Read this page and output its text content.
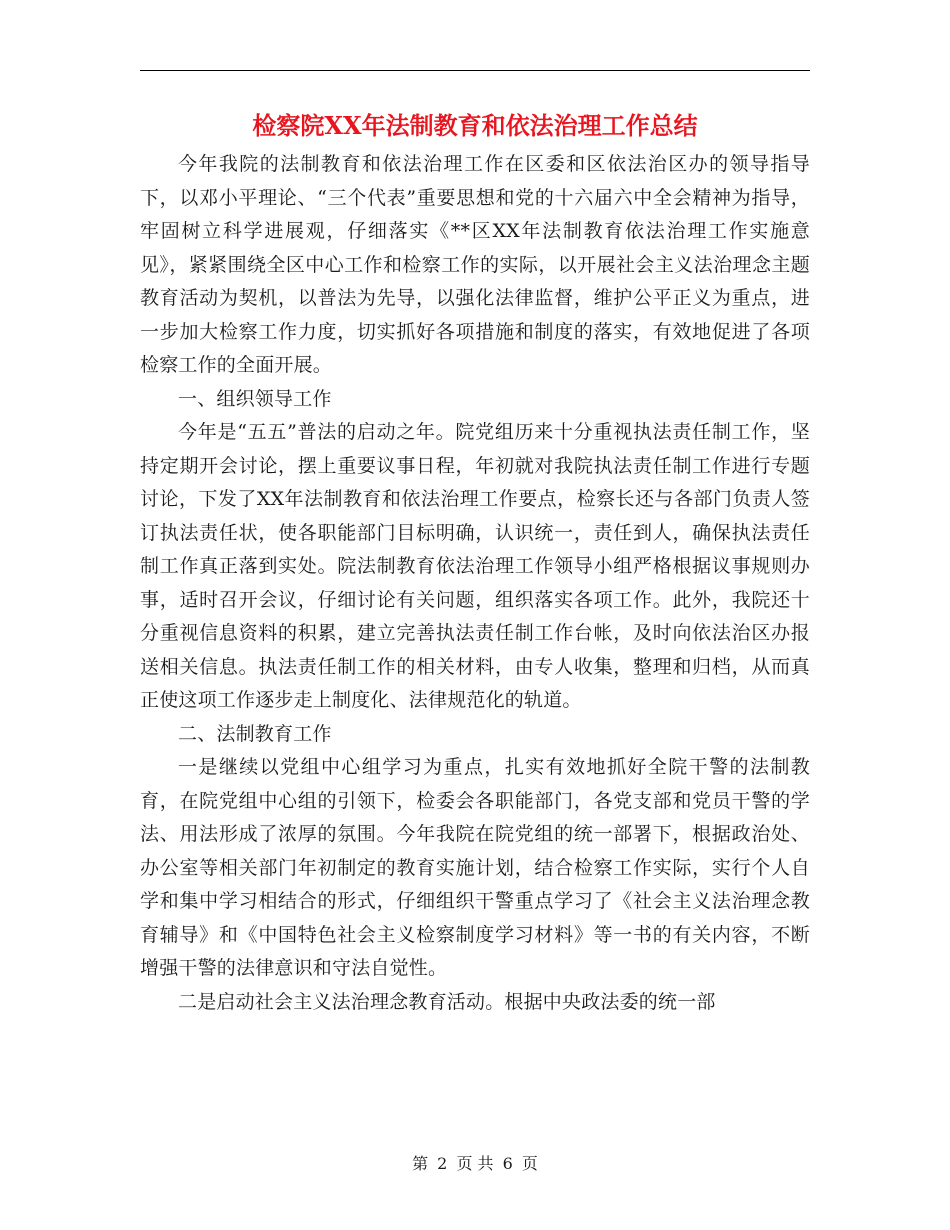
检察院XX年法制教育和依法治理工作总结

今年我院的法制教育和依法治理工作在区委和区依法治区办的领导指导下，以邓小平理论、“三个代表”重要思想和党的十六届六中全会精神为指导，牢固树立科学进展观，仔细落实《**区XX年法制教育依法治理工作实施意见》，紧紧围绕全区中心工作和检察工作的实际，以开展社会主义法治理念主题教育活动为契机，以普法为先导，以强化法律监督，维护公平正义为重点，进一步加大检察工作力度，切实抓好各项措施和制度的落实，有效地促进了各项检察工作的全面开展。

一、组织领导工作

今年是“五五”普法的启动之年。院党组历来十分重视执法责任制工作，坚持定期开会讨论，摆上重要议事日程，年初就对我院执法责任制工作进行专题讨论，下发了XX年法制教育和依法治理工作要点，检察长还与各部门负责人签订执法责任状，使各职能部门目标明确，认识统一，责任到人，确保执法责任制工作真正落到实处。院法制教育依法治理工作领导小组严格根据议事规则办事，适时召开会议，仔细讨论有关问题，组织落实各项工作。此外，我院还十分重视信息资料的积累，建立完善执法责任制工作台帐，及时向依法治区办报送相关信息。执法责任制工作的相关材料，由专人收集，整理和归档，从而真正使这项工作逐步走上制度化、法律规范化的轨道。

二、法制教育工作

一是继续以党组中心组学习为重点，扎实有效地抓好全院干警的法制教育，在院党组中心组的引领下，检委会各职能部门，各党支部和党员干警的学法、用法形成了浓厚的氛围。今年我院在院党组的统一部署下，根据政治处、办公室等相关部门年初制定的教育实施计划，结合检察工作实际，实行个人自学和集中学习相结合的形式，仔细组织干警重点学习了《社会主义法治理念教育辅导》和《中国特色社会主义检察制度学习材料》等一书的有关内容，不断增强干警的法律意识和守法自觉性。

二是启动社会主义法治理念教育活动。根据中央政法委的统一部

第 2 页 共 6 页
